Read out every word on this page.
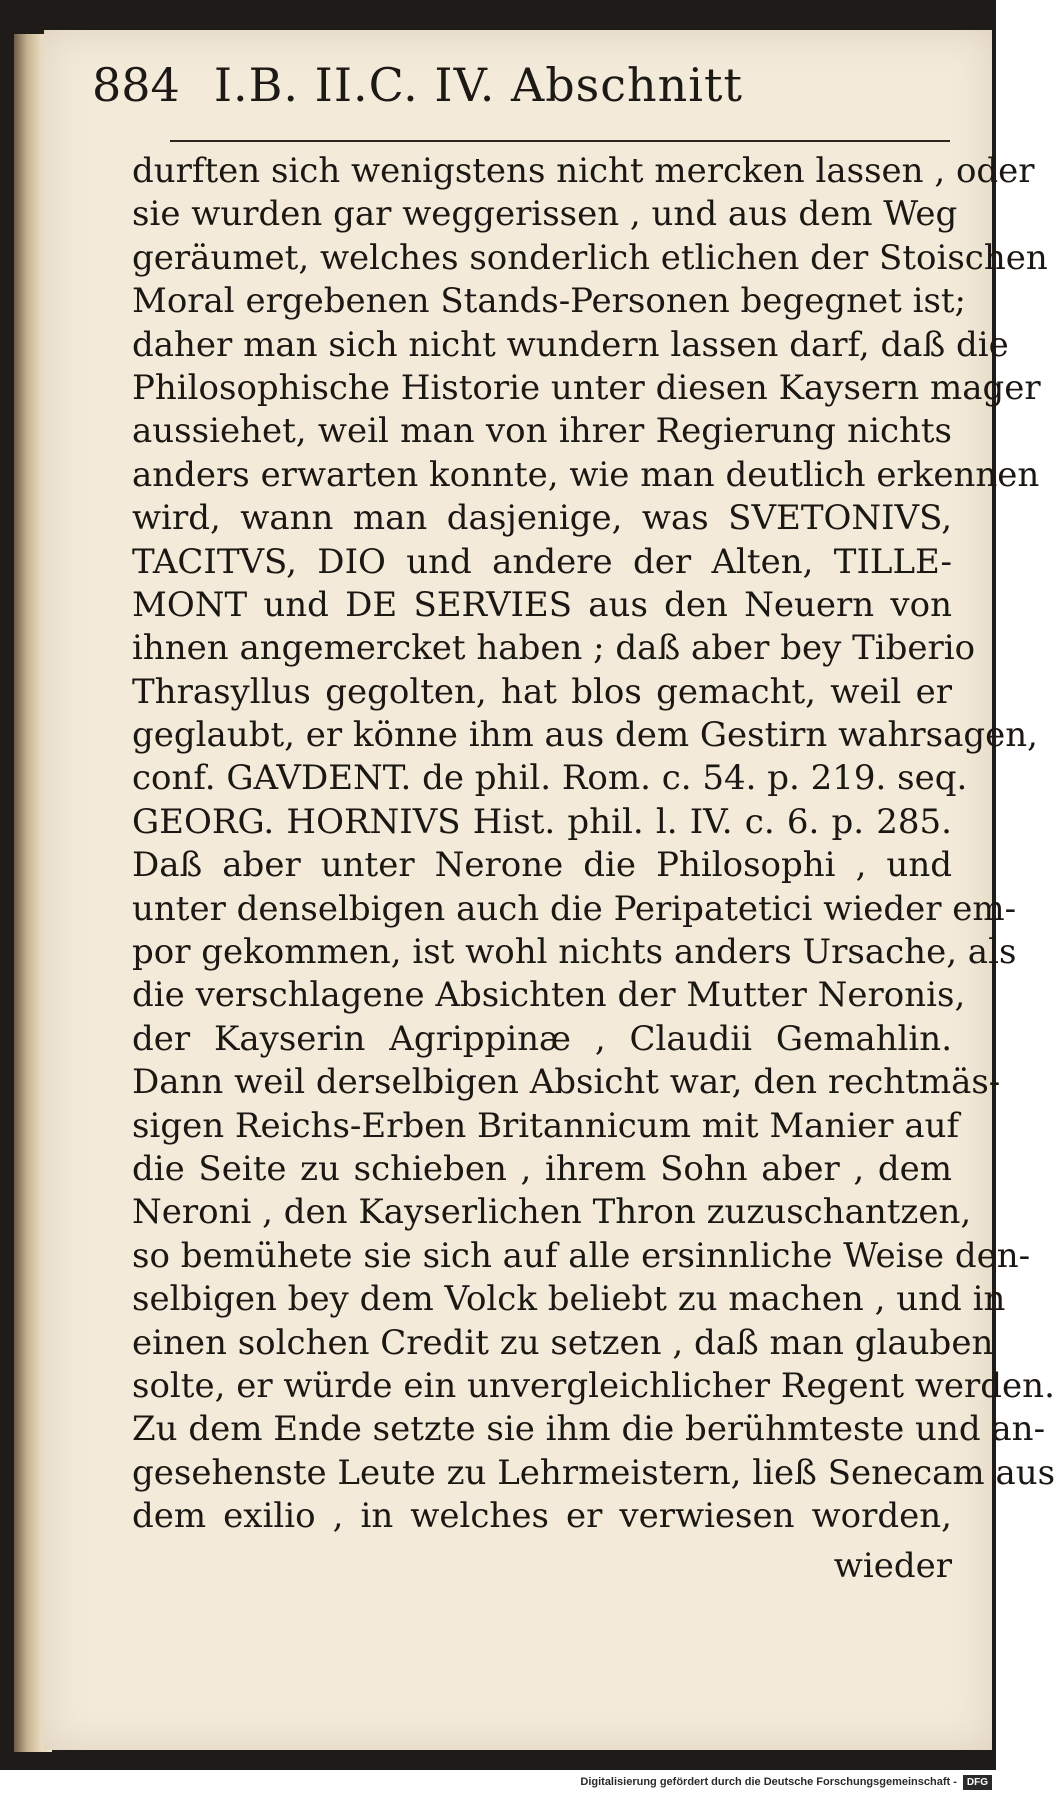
884 I.B. II.C. IV. Abschnitt
durften sich wenigstens nicht mercken lassen , oder
sie wurden gar weggerissen , und aus dem Weg
geräumet, welches sonderlich etlichen der Stoischen
Moral ergebenen Stands-Personen begegnet ist;
daher man sich nicht wundern lassen darf, daß die
Philosophische Historie unter diesen Kaysern mager
aussiehet, weil man von ihrer Regierung nichts
anders erwarten konnte, wie man deutlich erkennen
wird, wann man dasjenige, was SVETONIVS,
TACITVS, DIO und andere der Alten, TILLE-
MONT und DE SERVIES aus den Neuern von
ihnen angemercket haben ; daß aber bey Tiberio
Thrasyllus gegolten, hat blos gemacht, weil er
geglaubt, er könne ihm aus dem Gestirn wahrsagen,
conf. GAVDENT. de phil. Rom. c. 54. p. 219. seq.
GEORG. HORNIVS Hist. phil. l. IV. c. 6. p. 285.
Daß aber unter Nerone die Philosophi , und
unter denselbigen auch die Peripatetici wieder em-
por gekommen, ist wohl nichts anders Ursache, als
die verschlagene Absichten der Mutter Neronis,
der Kayserin Agrippinæ , Claudii Gemahlin.
Dann weil derselbigen Absicht war, den rechtmäs-
sigen Reichs-Erben Britannicum mit Manier auf
die Seite zu schieben , ihrem Sohn aber , dem
Neroni , den Kayserlichen Thron zuzuschantzen,
so bemühete sie sich auf alle ersinnliche Weise den-
selbigen bey dem Volck beliebt zu machen , und in
einen solchen Credit zu setzen , daß man glauben
solte, er würde ein unvergleichlicher Regent werden.
Zu dem Ende setzte sie ihm die berühmteste und an-
gesehenste Leute zu Lehrmeistern, ließ Senecam aus
dem exilio , in welches er verwiesen worden,
wieder
Digitalisierung gefördert durch die Deutsche Forschungsgemeinschaft -	DFG
